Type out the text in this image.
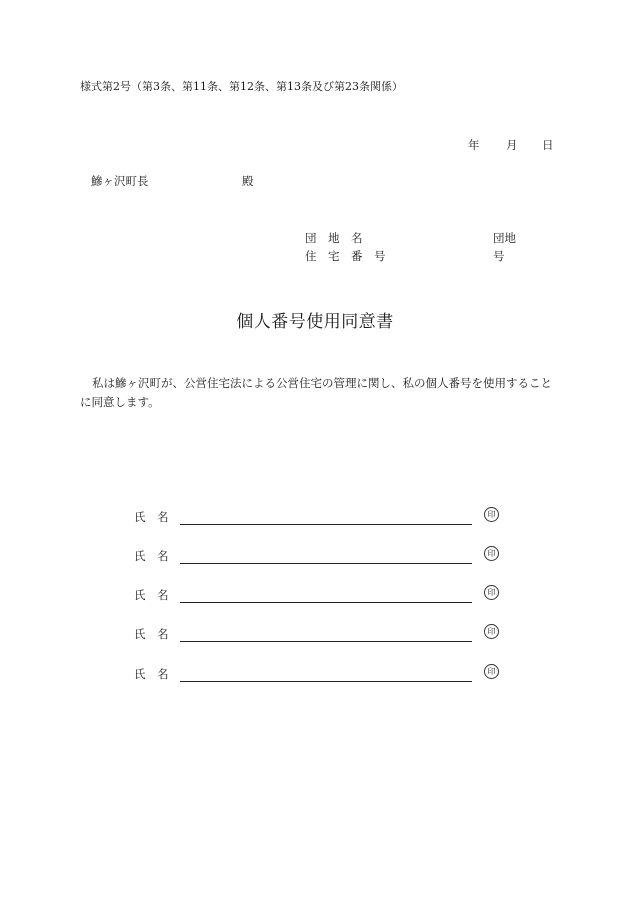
様式第2号（第3条、第11条、第12条、第13条及び第23条関係）
年 月 日
鰺ヶ沢町長	殿
団　地　名	団地
住　宅　番　号	号
個人番号使用同意書
私は鰺ヶ沢町が、公営住宅法による公営住宅の管理に関し、私の個人番号を使用することに同意します。
氏　名	印
氏　名	印
氏　名	印
氏　名	印
氏　名	印
